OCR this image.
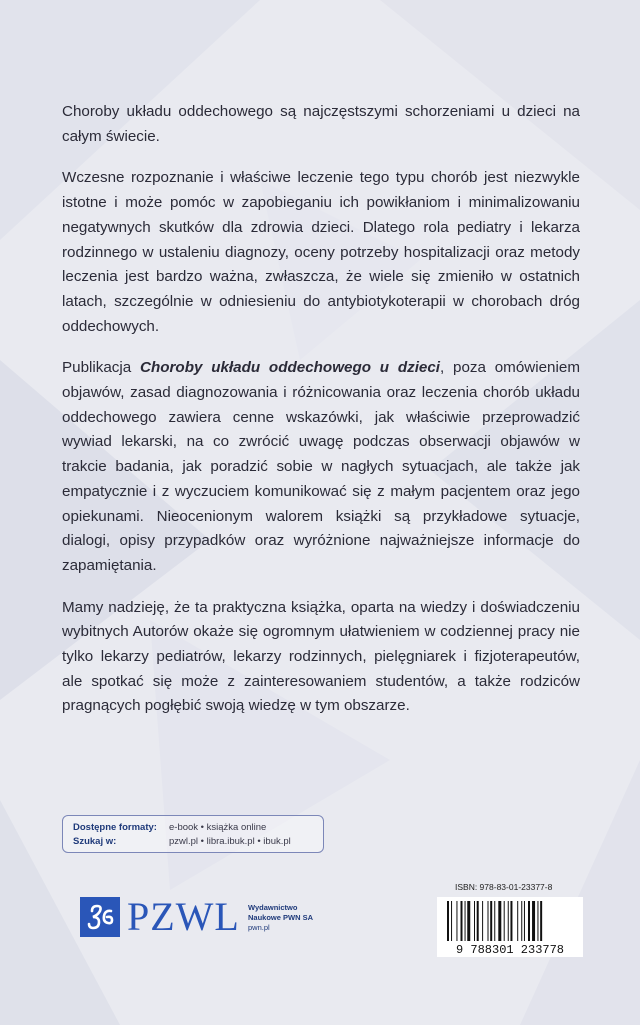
Choroby układu oddechowego są najczęstszymi schorzeniami u dzieci na całym świecie.

Wczesne rozpoznanie i właściwe leczenie tego typu chorób jest niezwykle istotne i może pomóc w zapobieganiu ich powikłaniom i minimalizowaniu negatywnych skutków dla zdrowia dzieci. Dlatego rola pediatry i lekarza rodzinnego w ustaleniu diagnozy, oceny potrzeby hospitalizacji oraz metody leczenia jest bardzo ważna, zwłaszcza, że wiele się zmieniło w ostatnich latach, szczególnie w odniesieniu do antybiotykoterapii w chorobach dróg oddechowych.

Publikacja Choroby układu oddechowego u dzieci, poza omówieniem objawów, zasad diagnozowania i różnicowania oraz leczenia chorób układu oddechowego zawiera cenne wskazówki, jak właściwie przeprowadzić wywiad lekarski, na co zwrócić uwagę podczas obserwacji objawów w trakcie badania, jak poradzić sobie w nagłych sytuacjach, ale także jak empatycznie i z wyczuciem komunikować się z małym pacjentem oraz jego opiekunami. Nieocenionym walorem książki są przykładowe sytuacje, dialogi, opisy przypadków oraz wyróżnione najważniejsze informacje do zapamiętania.

Mamy nadzieję, że ta praktyczna książka, oparta na wiedzy i doświadczeniu wybitnych Autorów okaże się ogromnym ułatwieniem w codziennej pracy nie tylko lekarzy pediatrów, lekarzy rodzinnych, pielęgniarek i fizjoterapeutów, ale spotkać się może z zainteresowaniem studentów, a także rodziców pragnących pogłębić swoją wiedzę w tym obszarze.

Dostępne formaty:	e-book • książka online
Szukaj w:	pzwl.pl • libra.ibuk.pl • ibuk.pl
PZWL Wydawnictwo
Naukowe PWN SA
pwn.pl
ISBN: 978-83-01-23377-8
9 788301 233778
